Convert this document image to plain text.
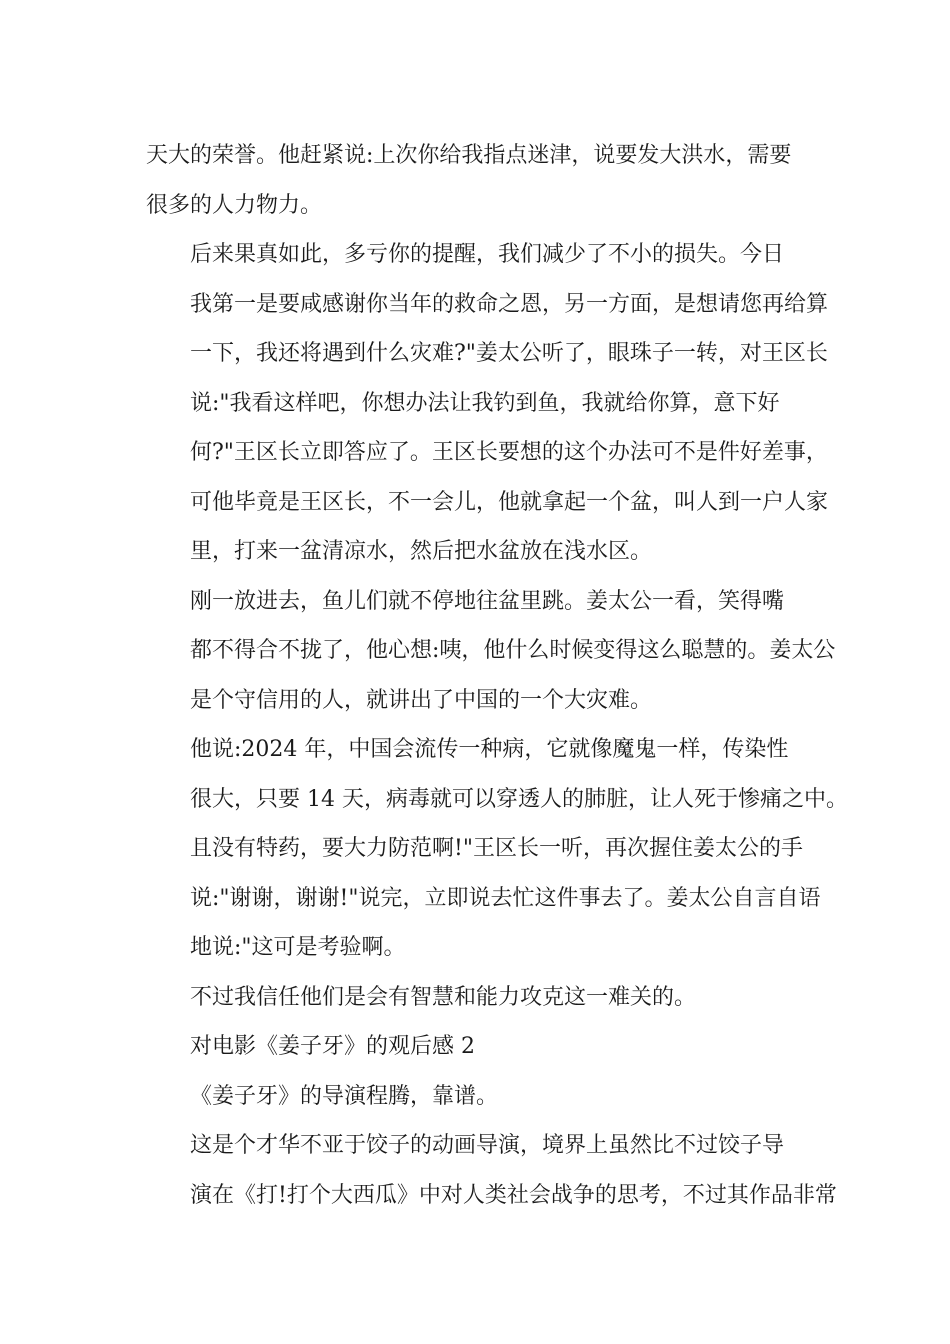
天大的荣誉。他赶紧说:上次你给我指点迷津，说要发大洪水，需要
很多的人力物力。

后来果真如此，多亏你的提醒，我们减少了不小的损失。今日
我第一是要咸感谢你当年的救命之恩，另一方面，是想请您再给算
一下，我还将遇到什么灾难?"姜太公听了，眼珠子一转，对王区长
说:"我看这样吧，你想办法让我钓到鱼，我就给你算，意下好
何?"王区长立即答应了。王区长要想的这个办法可不是件好差事，
可他毕竟是王区长，不一会儿，他就拿起一个盆，叫人到一户人家
里，打来一盆清凉水，然后把水盆放在浅水区。

刚一放进去，鱼儿们就不停地往盆里跳。姜太公一看，笑得嘴
都不得合不拢了，他心想:咦，他什么时候变得这么聪慧的。姜太公
是个守信用的人，就讲出了中国的一个大灾难。

他说:2024 年，中国会流传一种病，它就像魔鬼一样，传染性
很大，只要 14 天，病毒就可以穿透人的肺脏，让人死于惨痛之中。
且没有特药，要大力防范啊!"王区长一听，再次握住姜太公的手
说:"谢谢，谢谢!"说完，立即说去忙这件事去了。姜太公自言自语
地说:"这可是考验啊。

不过我信任他们是会有智慧和能力攻克这一难关的。

对电影《姜子牙》的观后感 2

《姜子牙》的导演程腾，靠谱。

这是个才华不亚于饺子的动画导演，境界上虽然比不过饺子导
演在《打!打个大西瓜》中对人类社会战争的思考，不过其作品非常
